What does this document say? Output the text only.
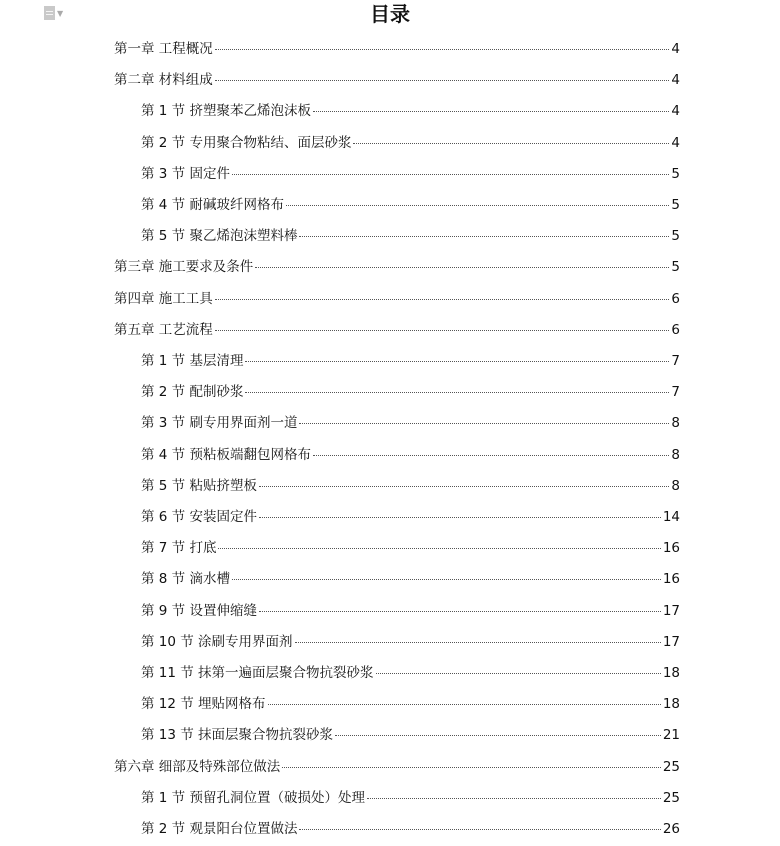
▼	目录
第一章 工程概况	4
第二章 材料组成	4
第 1 节 挤塑聚苯乙烯泡沫板	4
第 2 节 专用聚合物粘结、面层砂浆	4
第 3 节 固定件	5
第 4 节 耐碱玻纤网格布	5
第 5 节 聚乙烯泡沫塑料棒	5
第三章 施工要求及条件	5
第四章 施工工具	6
第五章 工艺流程	6
第 1 节 基层清理	7
第 2 节 配制砂浆	7
第 3 节 刷专用界面剂一道	8
第 4 节 预粘板端翻包网格布	8
第 5 节 粘贴挤塑板	8
第 6 节 安装固定件	14
第 7 节 打底	16
第 8 节 滴水槽	16
第 9 节 设置伸缩缝	17
第 10 节 涂刷专用界面剂	17
第 11 节 抹第一遍面层聚合物抗裂砂浆	18
第 12 节 埋贴网格布	18
第 13 节 抹面层聚合物抗裂砂浆	21
第六章 细部及特殊部位做法	25
第 1 节 预留孔洞位置（破损处）处理	25
第 2 节 观景阳台位置做法	26
